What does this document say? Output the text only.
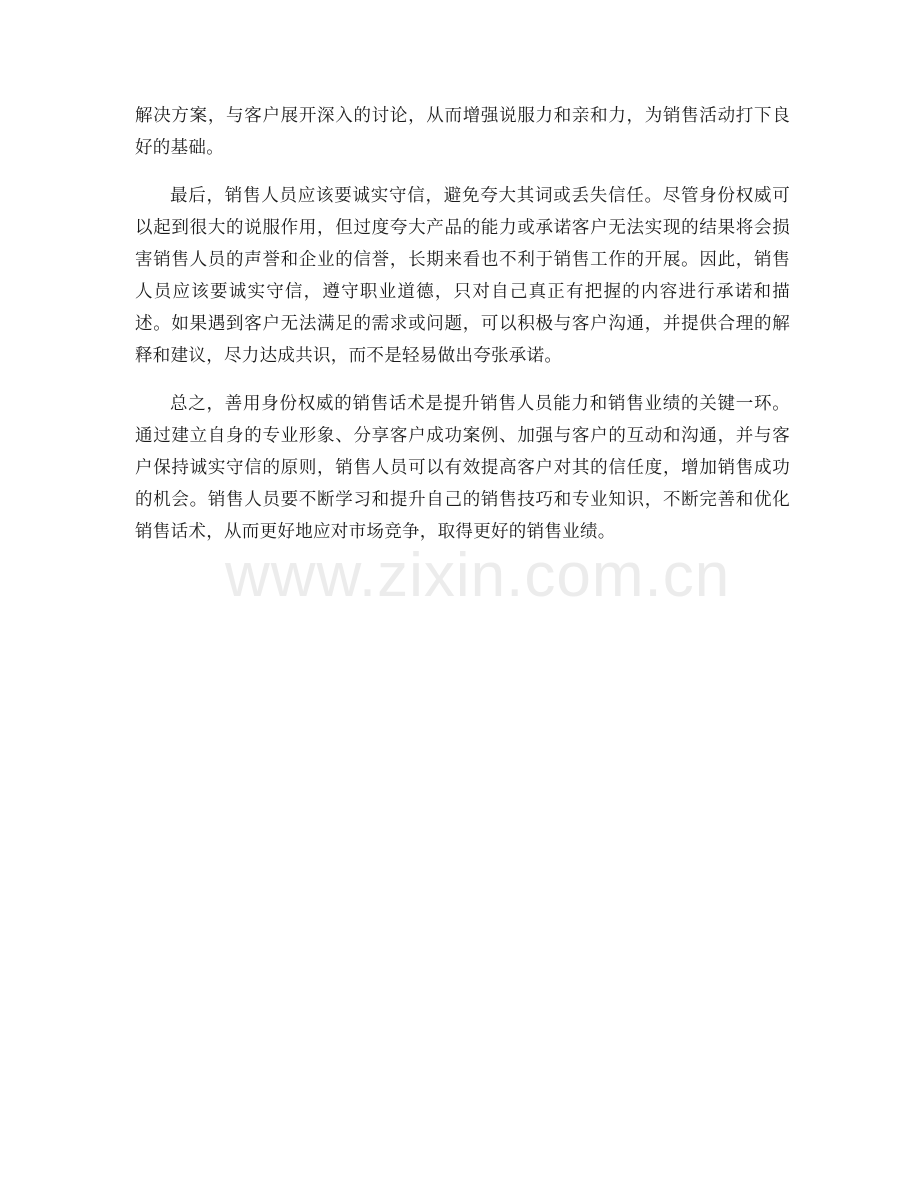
www.zixin.com.cn

解决方案，与客户展开深入的讨论，从而增强说服力和亲和力，为销售活动打下良好的基础。

最后，销售人员应该要诚实守信，避免夸大其词或丢失信任。尽管身份权威可以起到很大的说服作用，但过度夸大产品的能力或承诺客户无法实现的结果将会损害销售人员的声誉和企业的信誉，长期来看也不利于销售工作的开展。因此，销售人员应该要诚实守信，遵守职业道德，只对自己真正有把握的内容进行承诺和描述。如果遇到客户无法满足的需求或问题，可以积极与客户沟通，并提供合理的解释和建议，尽力达成共识，而不是轻易做出夸张承诺。

总之，善用身份权威的销售话术是提升销售人员能力和销售业绩的关键一环。通过建立自身的专业形象、分享客户成功案例、加强与客户的互动和沟通，并与客户保持诚实守信的原则，销售人员可以有效提高客户对其的信任度，增加销售成功的机会。销售人员要不断学习和提升自己的销售技巧和专业知识，不断完善和优化销售话术，从而更好地应对市场竞争，取得更好的销售业绩。
